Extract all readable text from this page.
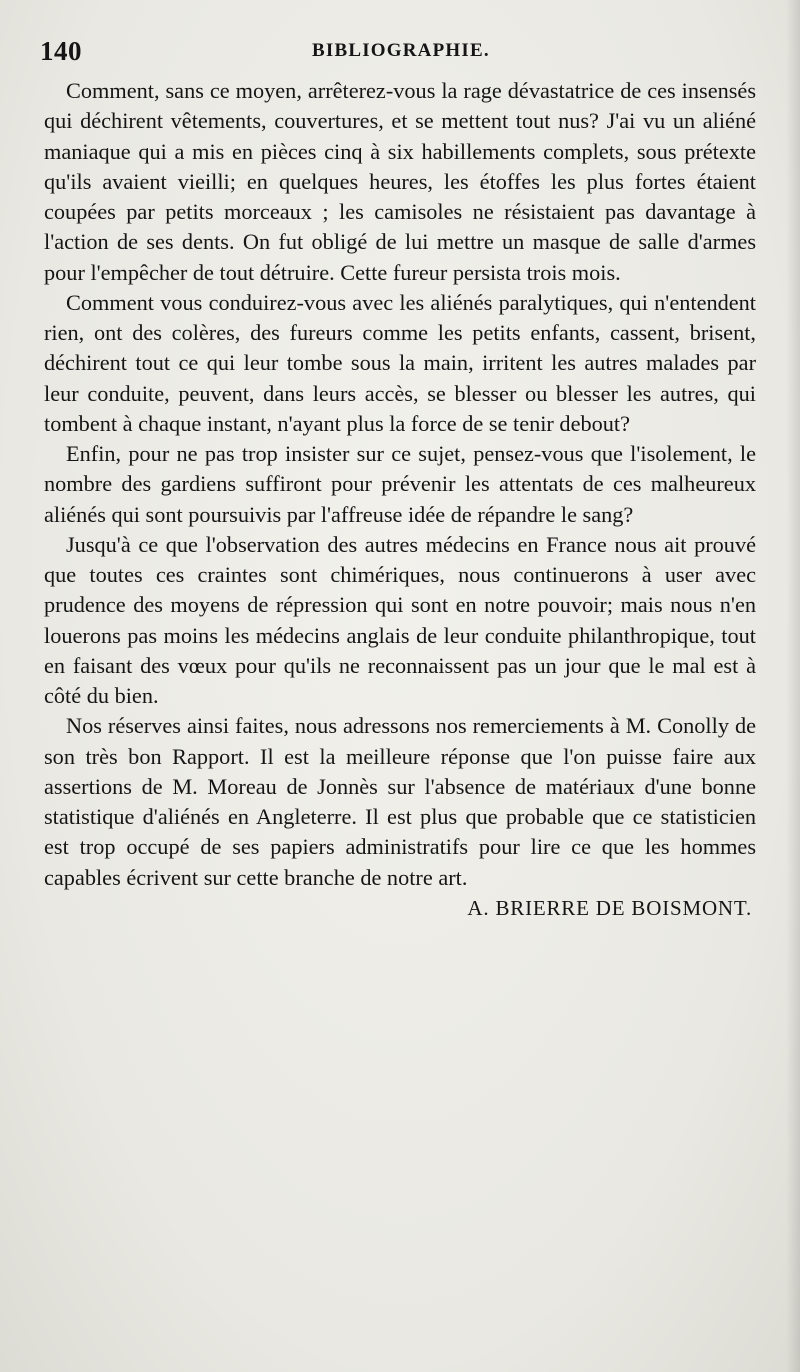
140	BIBLIOGRAPHIE.

Comment, sans ce moyen, arrêterez-vous la rage dévastatrice de ces insensés qui déchirent vêtements, couvertures, et se mettent tout nus? J'ai vu un aliéné maniaque qui a mis en pièces cinq à six habillements complets, sous prétexte qu'ils avaient vieilli; en quelques heures, les étoffes les plus fortes étaient coupées par petits morceaux ; les camisoles ne résistaient pas davantage à l'action de ses dents. On fut obligé de lui mettre un masque de salle d'armes pour l'empêcher de tout détruire. Cette fureur persista trois mois.

Comment vous conduirez-vous avec les aliénés paralytiques, qui n'entendent rien, ont des colères, des fureurs comme les petits enfants, cassent, brisent, déchirent tout ce qui leur tombe sous la main, irritent les autres malades par leur conduite, peuvent, dans leurs accès, se blesser ou blesser les autres, qui tombent à chaque instant, n'ayant plus la force de se tenir debout?

Enfin, pour ne pas trop insister sur ce sujet, pensez-vous que l'isolement, le nombre des gardiens suffiront pour prévenir les attentats de ces malheureux aliénés qui sont poursuivis par l'affreuse idée de répandre le sang?

Jusqu'à ce que l'observation des autres médecins en France nous ait prouvé que toutes ces craintes sont chimériques, nous continuerons à user avec prudence des moyens de répression qui sont en notre pouvoir; mais nous n'en louerons pas moins les médecins anglais de leur conduite philanthropique, tout en faisant des vœux pour qu'ils ne reconnaissent pas un jour que le mal est à côté du bien.

Nos réserves ainsi faites, nous adressons nos remerciements à M. Conolly de son très bon Rapport. Il est la meilleure réponse que l'on puisse faire aux assertions de M. Moreau de Jonnès sur l'absence de matériaux d'une bonne statistique d'aliénés en Angleterre. Il est plus que probable que ce statisticien est trop occupé de ses papiers administratifs pour lire ce que les hommes capables écrivent sur cette branche de notre art.

A. BRIERRE DE BOISMONT.
